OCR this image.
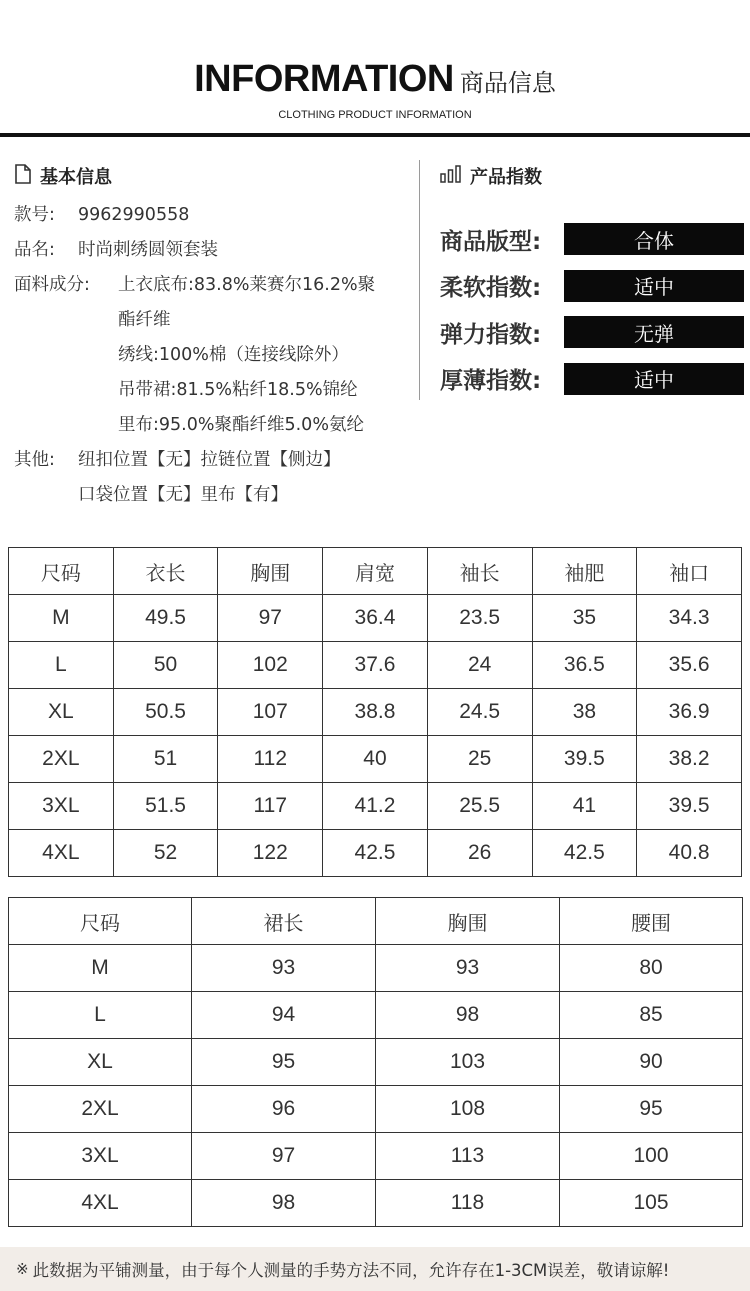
INFORMATION 商品信息
CLOTHING PRODUCT INFORMATION
基本信息
款号: 9962990558
品名: 时尚刺绣圆领套装
面料成分: 上衣底布:83.8%莱赛尔16.2%聚
酯纤维
绣线:100%棉（连接线除外）
吊带裙:81.5%粘纤18.5%锦纶
里布:95.0%聚酯纤维5.0%氨纶
其他: 纽扣位置【无】拉链位置【侧边】
口袋位置【无】里布【有】
产品指数
商品版型:	合体
柔软指数:	适中
弹力指数:	无弹
厚薄指数:	适中
尺码	衣长	胸围	肩宽	袖长	袖肥	袖口
M	49.5	97	36.4	23.5	35	34.3
L	50	102	37.6	24	36.5	35.6
XL	50.5	107	38.8	24.5	38	36.9
2XL	51	112	40	25	39.5	38.2
3XL	51.5	117	41.2	25.5	41	39.5
4XL	52	122	42.5	26	42.5	40.8
尺码	裙长	胸围	腰围
M	93	93	80
L	94	98	85
XL	95	103	90
2XL	96	108	95
3XL	97	113	100
4XL	98	118	105
※ 此数据为平铺测量，由于每个人测量的手势方法不同，允许存在1-3CM误差，敬请谅解!
